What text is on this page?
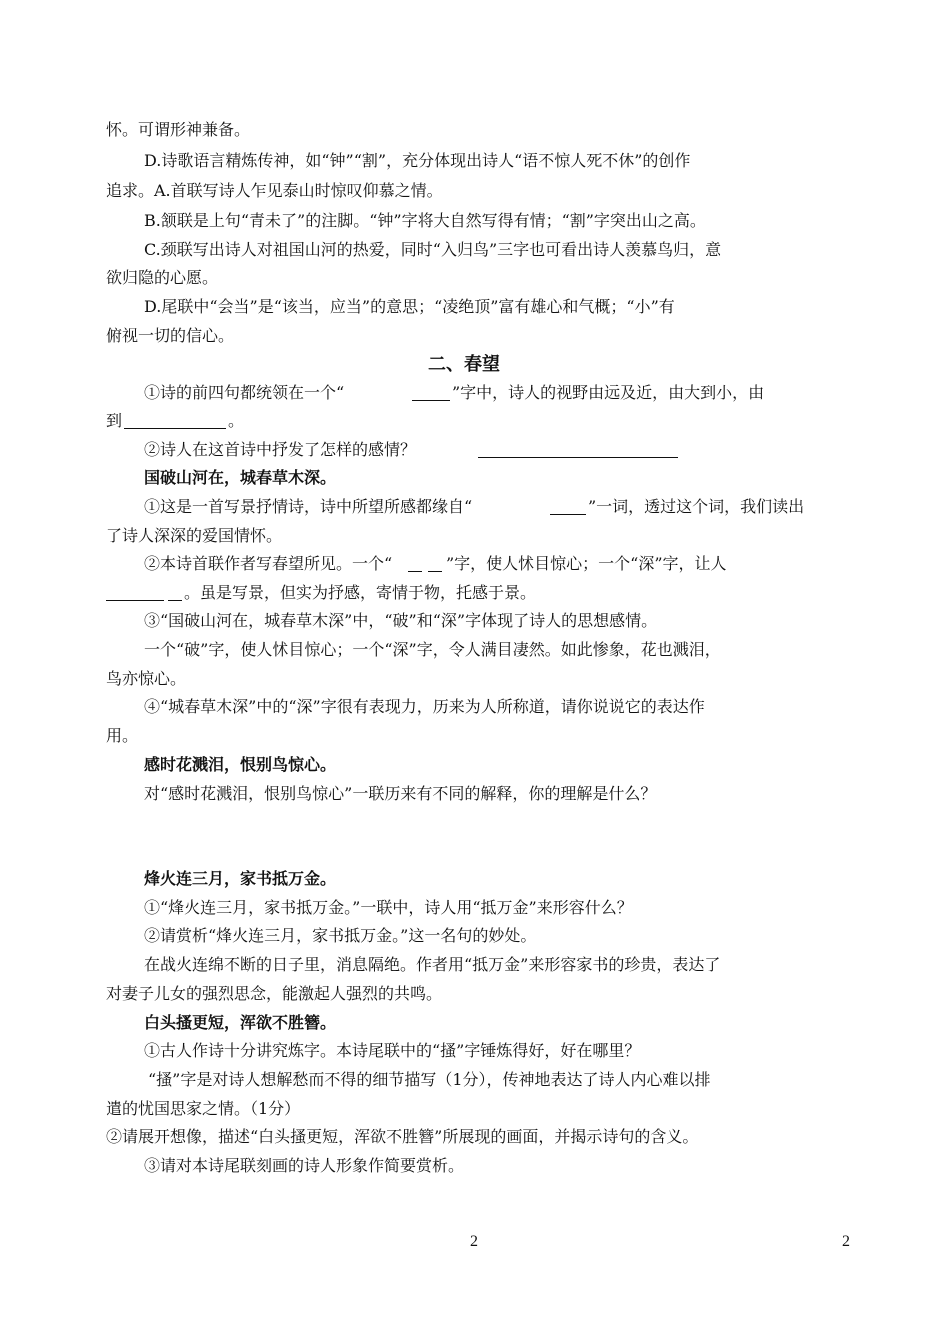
怀。可谓形神兼备。
D.诗歌语言精炼传神，如“钟”“割”，充分体现出诗人“语不惊人死不休”的创作
追求。A.首联写诗人乍见泰山时惊叹仰慕之情。
B.颔联是上句“青未了”的注脚。“钟”字将大自然写得有情；“割”字突出山之高。
C.颈联写出诗人对祖国山河的热爱，同时“入归鸟”三字也可看出诗人羡慕鸟归，意
欲归隐的心愿。
D.尾联中“会当”是“该当，应当”的意思；“凌绝顶”富有雄心和气概；“小”有
俯视一切的信心。
二、春望
①诗的前四句都统领在一个“	”字中，诗人的视野由远及近，由大到小，由
到	。
②诗人在这首诗中抒发了怎样的感情？
国破山河在，城春草木深。
①这是一首写景抒情诗，诗中所望所感都缘自“	”一词，透过这个词，我们读出
了诗人深深的爱国情怀。
②本诗首联作者写春望所见。一个“	”字，使人怵目惊心；一个“深”字，让人
。虽是写景，但实为抒感，寄情于物，托感于景。
③“国破山河在，城春草木深”中，“破”和“深”字体现了诗人的思想感情。
一个“破”字，使人怵目惊心；一个“深”字，令人满目凄然。如此惨象，花也溅泪，
鸟亦惊心。
④“城春草木深”中的“深”字很有表现力，历来为人所称道，请你说说它的表达作
用。
感时花溅泪，恨别鸟惊心。
对“感时花溅泪，恨别鸟惊心”一联历来有不同的解释，你的理解是什么？
烽火连三月，家书抵万金。
①“烽火连三月，家书抵万金。”一联中，诗人用“抵万金”来形容什么？
②请赏析“烽火连三月，家书抵万金。”这一名句的妙处。
在战火连绵不断的日子里，消息隔绝。作者用“抵万金”来形容家书的珍贵，表达了
对妻子儿女的强烈思念，能激起人强烈的共鸣。
白头搔更短，浑欲不胜簪。
①古人作诗十分讲究炼字。本诗尾联中的“搔”字锤炼得好，好在哪里？
“搔”字是对诗人想解愁而不得的细节描写（1分），传神地表达了诗人内心难以排
遣的忧国思家之情。（1分）
②请展开想像，描述“白头搔更短，浑欲不胜簪”所展现的画面，并揭示诗句的含义。
③请对本诗尾联刻画的诗人形象作简要赏析。
2	2
